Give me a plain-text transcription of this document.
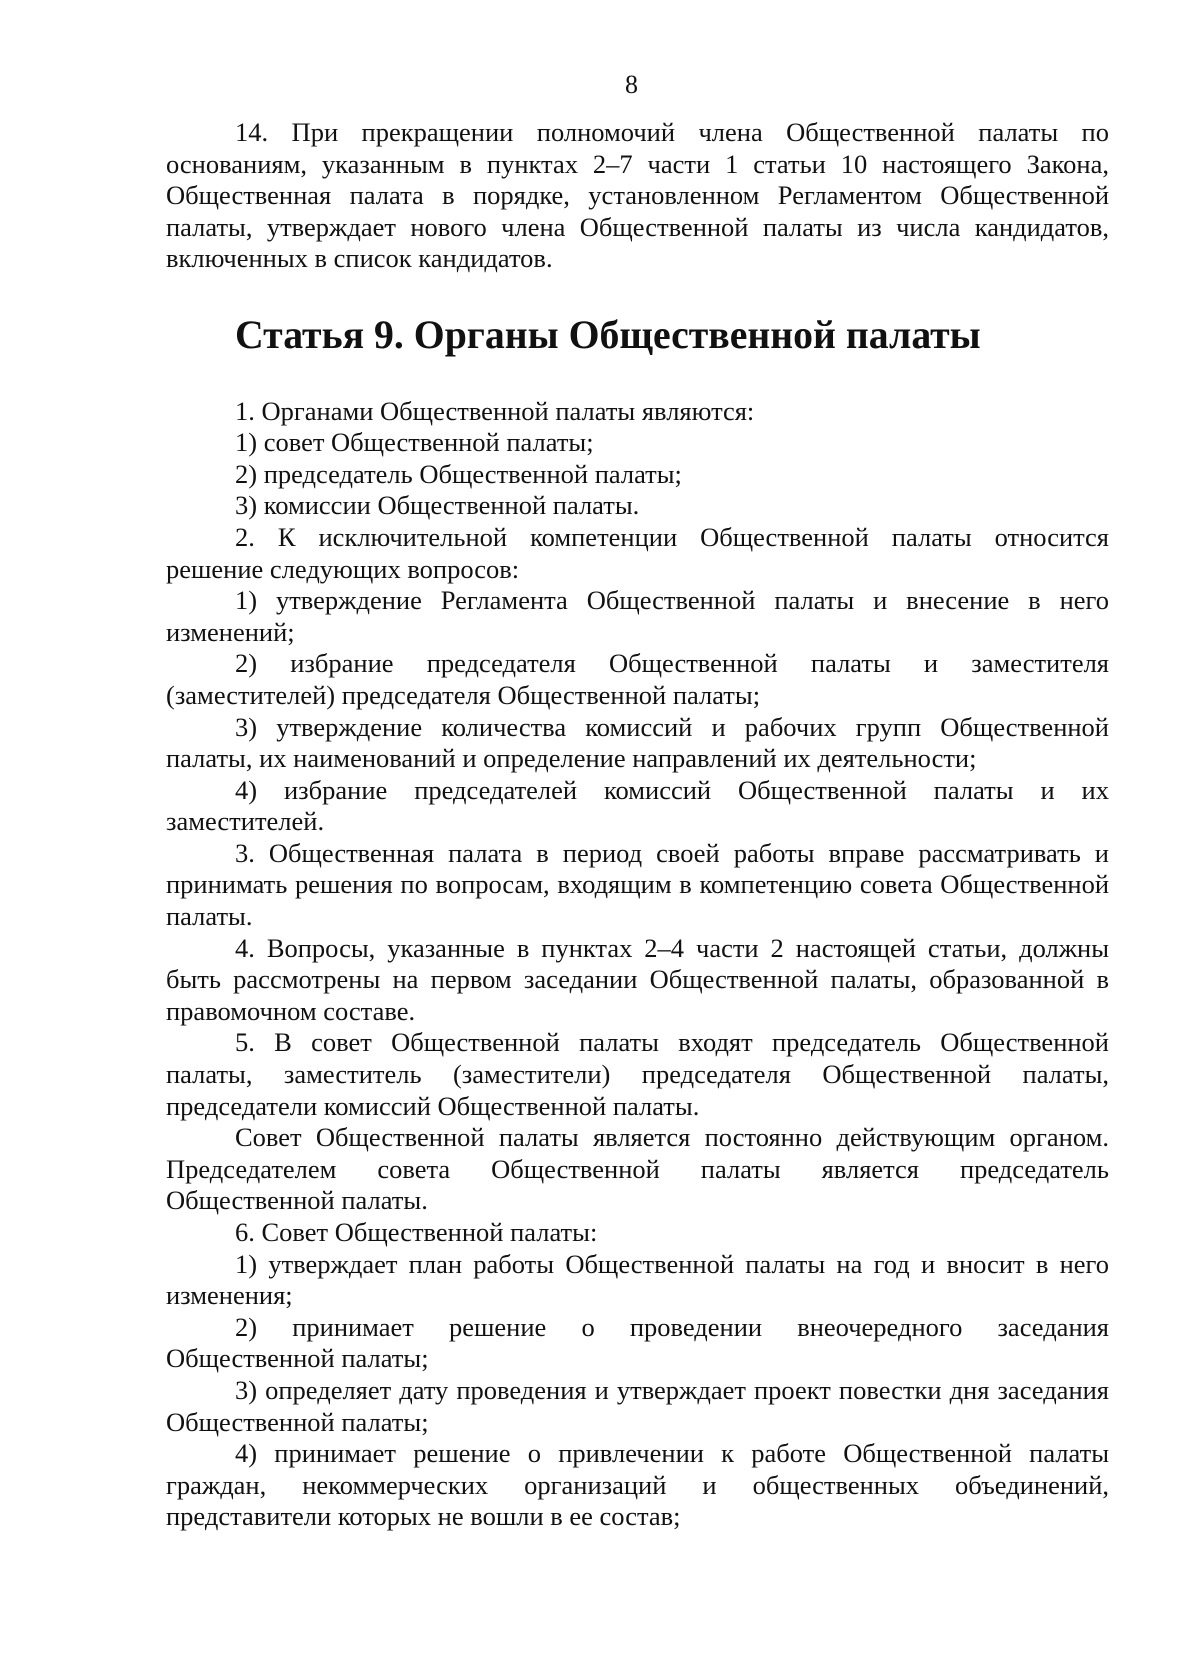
8

14. При прекращении полномочий члена Общественной палаты по основаниям, указанным в пунктах 2–7 части 1 статьи 10 настоящего Закона, Общественная палата в порядке, установленном Регламентом Общественной палаты, утверждает нового члена Общественной палаты из числа кандидатов, включенных в список кандидатов.

Статья 9. Органы Общественной палаты

1. Органами Общественной палаты являются:

1) совет Общественной палаты;

2) председатель Общественной палаты;

3) комиссии Общественной палаты.

2. К исключительной компетенции Общественной палаты относится решение следующих вопросов:

1) утверждение Регламента Общественной палаты и внесение в него изменений;

2) избрание председателя Общественной палаты и заместителя (заместителей) председателя Общественной палаты;

3) утверждение количества комиссий и рабочих групп Общественной палаты, их наименований и определение направлений их деятельности;

4) избрание председателей комиссий Общественной палаты и их заместителей.

3. Общественная палата в период своей работы вправе рассматривать и принимать решения по вопросам, входящим в компетенцию совета Общественной палаты.

4. Вопросы, указанные в пунктах 2–4 части 2 настоящей статьи, должны быть рассмотрены на первом заседании Общественной палаты, образованной в правомочном составе.

5. В совет Общественной палаты входят председатель Общественной палаты, заместитель (заместители) председателя Общественной палаты, председатели комиссий Общественной палаты.

Совет Общественной палаты является постоянно действующим органом. Председателем совета Общественной палаты является председатель Общественной палаты.

6. Совет Общественной палаты:

1) утверждает план работы Общественной палаты на год и вносит в него изменения;

2) принимает решение о проведении внеочередного заседания Общественной палаты;

3) определяет дату проведения и утверждает проект повестки дня заседания Общественной палаты;

4) принимает решение о привлечении к работе Общественной палаты граждан, некоммерческих организаций и общественных объединений, представители которых не вошли в ее состав;
